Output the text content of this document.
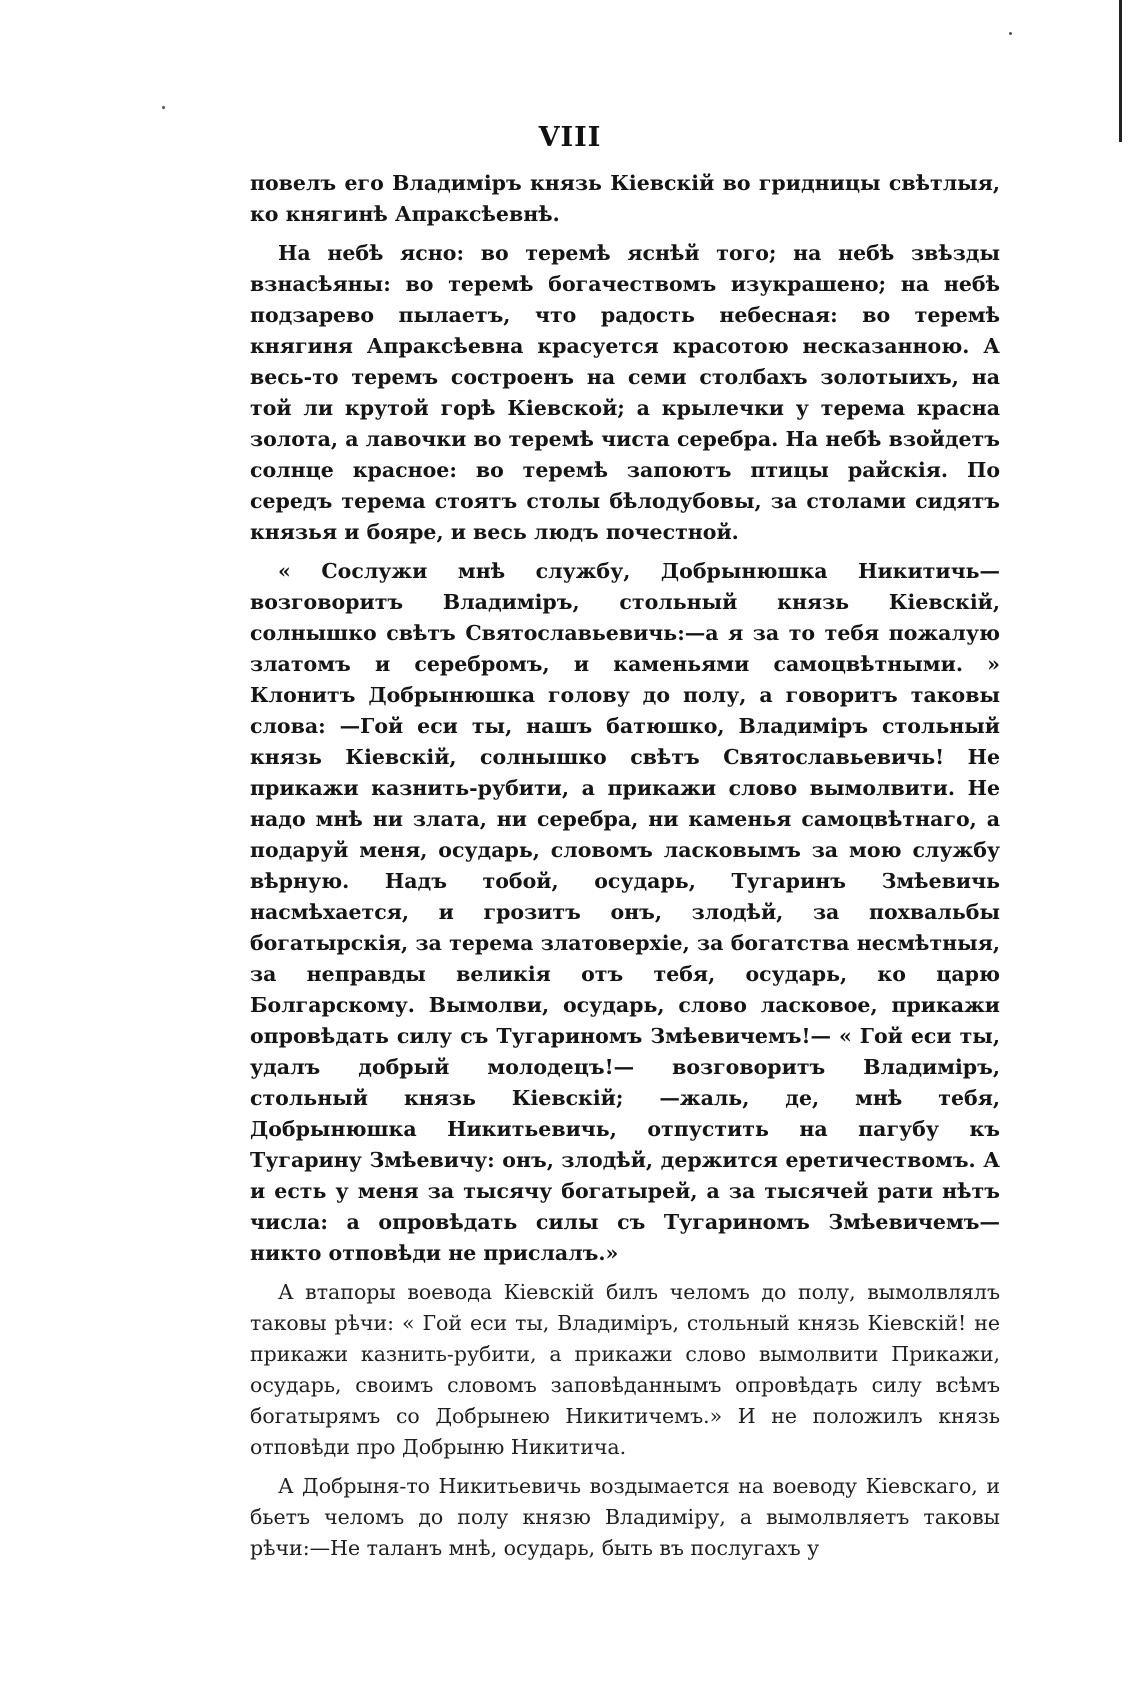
VIII

повелъ его Владиміръ князь Кіевскій во гридницы свѣтлыя, ко княгинѣ Апраксѣевнѣ.

На небѣ ясно: во теремѣ яснѣй того; на небѣ звѣзды взнасѣяны: во теремѣ богачествомъ изукрашено; на небѣ подзарево пылаетъ, что радость небесная: во теремѣ княгиня Апраксѣевна красуется красотою несказанною. А весь-то теремъ состроенъ на семи столбахъ золотыихъ, на той ли крутой горѣ Кіевской; а крылечки у терема красна золота, а лавочки во теремѣ чиста серебра. На небѣ взойдетъ солнце красное: во теремѣ запоютъ птицы райскія. По середъ терема стоятъ столы бѣлодубовы, за столами сидятъ князья и бояре, и весь людъ почестной.

« Сослужи мнѣ службу, Добрынюшка Никитичь—возговоритъ Владиміръ, стольный князь Кіевскій, солнышко свѣтъ Святославьевичь:—а я за то тебя пожалую златомъ и серебромъ, и каменьями самоцвѣтными. » Клонитъ Добрынюшка голову до полу, а говоритъ таковы слова: —Гой еси ты, нашъ батюшко, Владиміръ стольный князь Кіевскій, солнышко свѣтъ Святославьевичь! Не прикажи казнить-рубити, а прикажи слово вымолвити. Не надо мнѣ ни злата, ни серебра, ни каменья самоцвѣтнаго, а подаруй меня, осударь, словомъ ласковымъ за мою службу вѣрную. Надъ тобой, осударь, Тугаринъ Змѣевичь насмѣхается, и грозитъ онъ, злодѣй, за похвальбы богатырскія, за терема златоверхіе, за богатства несмѣтныя, за неправды великія отъ тебя, осударь, ко царю Болгарскому. Вымолви, осударь, слово ласковое, прикажи опровѣдать силу съ Тугариномъ Змѣевичемъ!— « Гой еси ты, удалъ добрый молодецъ!— возговоритъ Владиміръ, стольный князь Кіевскій; —жаль, де, мнѣ тебя, Добрынюшка Никитьевичь, отпустить на пагубу къ Тугарину Змѣевичу: онъ, злодѣй, держится еретичествомъ. А и есть у меня за тысячу богатырей, а за тысячей рати нѣтъ числа: а опровѣдать силы съ Тугариномъ Змѣевичемъ—никто отповѣди не прислалъ.»

А втапоры воевода Кіевскій билъ челомъ до полу, вымолвлялъ таковы рѣчи: « Гой еси ты, Владиміръ, стольный князь Кіевскій! не прикажи казнить-рубити, а прикажи слово вымолвити Прикажи, осударь, своимъ словомъ заповѣданнымъ опровѣдать силу всѣмъ богатырямъ со Добрынею Никитичемъ.» И не положилъ князь отповѣди про Добрыню Никитича.

А Добрыня-то Никитьевичь воздымается на воеводу Кіевскаго, и бьетъ челомъ до полу князю Владиміру, а вымолвляетъ таковы рѣчи:—Не таланъ мнѣ, осударь, быть въ послугахъ у
